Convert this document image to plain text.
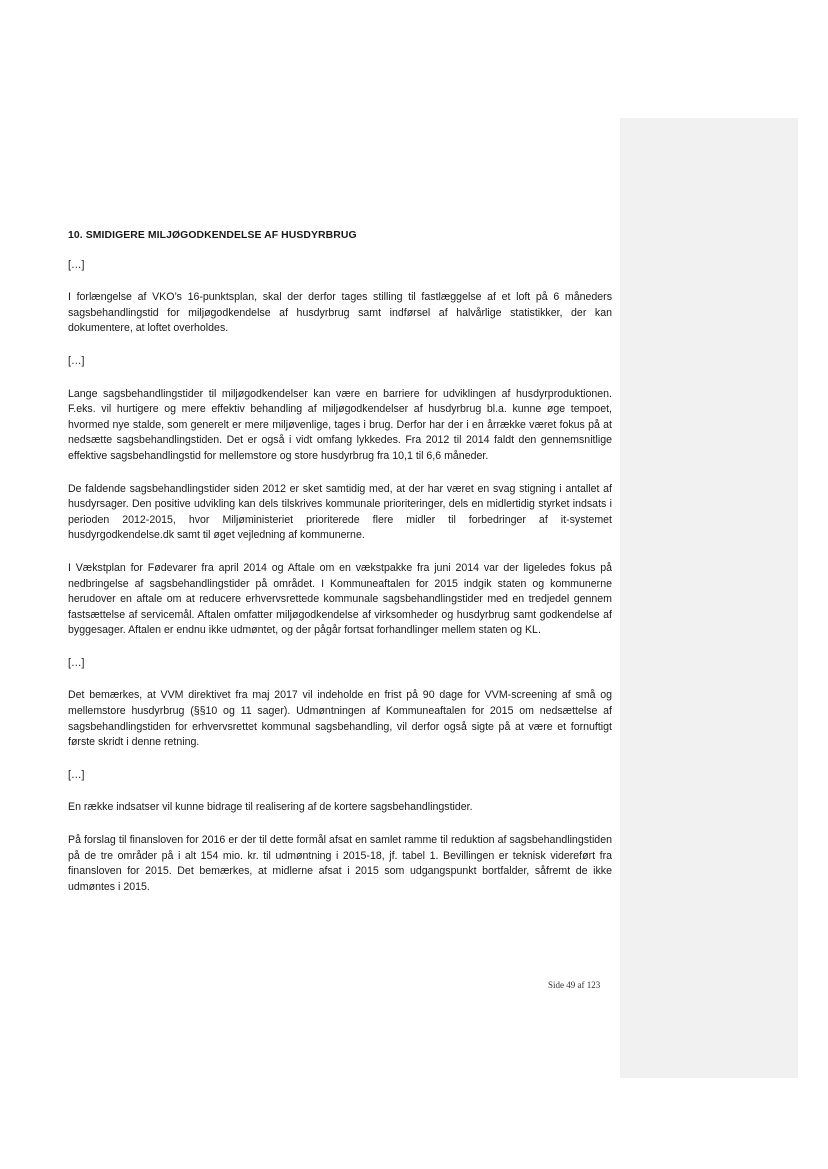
10. SMIDIGERE MILJØGODKENDELSE AF HUSDYRBRUG
[…]
I forlængelse af VKO’s 16-punktsplan, skal der derfor tages stilling til fastlæggelse af et loft på 6 måneders sagsbehandlingstid for miljøgodkendelse af husdyrbrug samt indførsel af halvårlige statistikker, der kan dokumentere, at loftet overholdes.
[…]
Lange sagsbehandlingstider til miljøgodkendelser kan være en barriere for udviklingen af husdyrproduktionen. F.eks. vil hurtigere og mere effektiv behandling af miljøgodkendelser af husdyrbrug bl.a. kunne øge tempoet, hvormed nye stalde, som generelt er mere miljøvenlige, tages i brug. Derfor har der i en årrække været fokus på at nedsætte sagsbehandlingstiden. Det er også i vidt omfang lykkedes. Fra 2012 til 2014 faldt den gennemsnitlige effektive sagsbehandlingstid for mellemstore og store husdyrbrug fra 10,1 til 6,6 måneder.
De faldende sagsbehandlingstider siden 2012 er sket samtidig med, at der har været en svag stigning i antallet af husdyrsager. Den positive udvikling kan dels tilskrives kommunale prioriteringer, dels en midlertidig styrket indsats i perioden 2012-2015, hvor Miljøministeriet prioriterede flere midler til forbedringer af it-systemet husdyrgodkendelse.dk samt til øget vejledning af kommunerne.
I Vækstplan for Fødevarer fra april 2014 og Aftale om en vækstpakke fra juni 2014 var der ligeledes fokus på nedbringelse af sagsbehandlingstider på området. I Kommuneaftalen for 2015 indgik staten og kommunerne herudover en aftale om at reducere erhvervsrettede kommunale sagsbehandlingstider med en tredjedel gennem fastsættelse af servicemål. Aftalen omfatter miljøgodkendelse af virksomheder og husdyrbrug samt godkendelse af byggesager. Aftalen er endnu ikke udmøntet, og der pågår fortsat forhandlinger mellem staten og KL.
[…]
Det bemærkes, at VVM direktivet fra maj 2017 vil indeholde en frist på 90 dage for VVM-screening af små og mellemstore husdyrbrug (§§10 og 11 sager). Udmøntningen af Kommuneaftalen for 2015 om nedsættelse af sagsbehandlingstiden for erhvervsrettet kommunal sagsbehandling, vil derfor også sigte på at være et fornuftigt første skridt i denne retning.
[…]
En række indsatser vil kunne bidrage til realisering af de kortere sagsbehandlingstider.
På forslag til finansloven for 2016 er der til dette formål afsat en samlet ramme til reduktion af sagsbehandlingstiden på de tre områder på i alt 154 mio. kr. til udmøntning i 2015-18, jf. tabel 1. Bevillingen er teknisk videreført fra finansloven for 2015. Det bemærkes, at midlerne afsat i 2015 som udgangspunkt bortfalder, såfremt de ikke udmøntes i 2015.
Side 49 af 123
